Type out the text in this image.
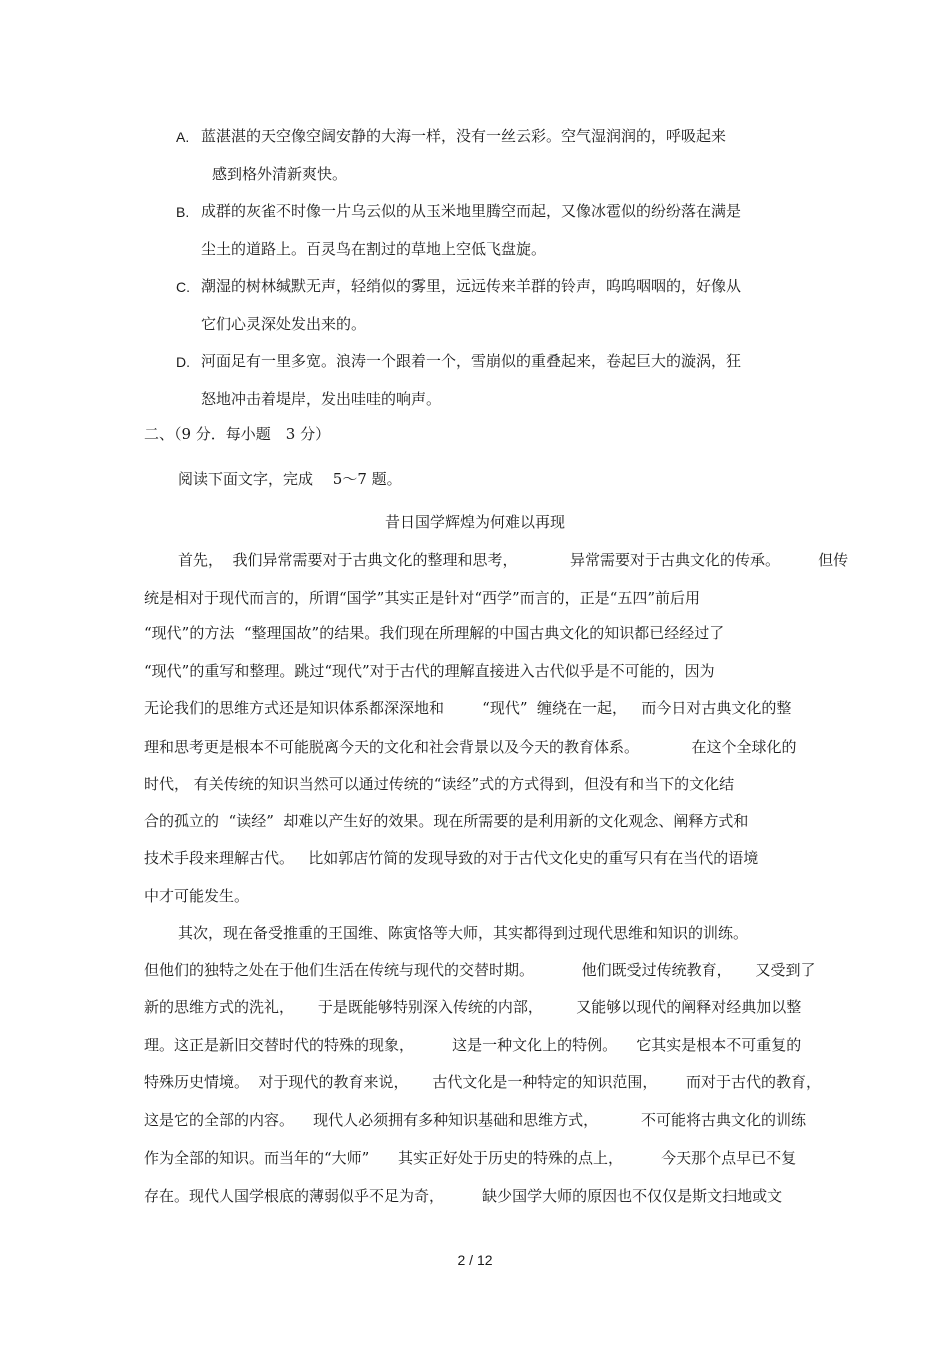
A. 蓝湛湛的天空像空阔安静的大海一样，没有一丝云彩。空气湿润润的，呼吸起来

感到格外清新爽快。

B. 成群的灰雀不时像一片乌云似的从玉米地里腾空而起，又像冰雹似的纷纷落在满是

尘土的道路上。百灵鸟在割过的草地上空低飞盘旋。

C. 潮湿的树林缄默无声，轻绡似的雾里，远远传来羊群的铃声，呜呜咽咽的，好像从

它们心灵深处发出来的。

D. 河面足有一里多宽。浪涛一个跟着一个，雪崩似的重叠起来，卷起巨大的漩涡，狂

怒地冲击着堤岸，发出哇哇的响声。

二、（9 分．每小题　3 分）

阅读下面文字，完成　 5～7 题。

昔日国学辉煌为何难以再现

首先，  我们异常需要对于古典文化的整理和思考，           异常需要对于古典文化的传承。        但传

统是相对于现代而言的，所谓“国学”其实正是针对“西学”而言的，正是“五四”前后用

“现代”的方法  “整理国故”的结果。我们现在所理解的中国古典文化的知识都已经经过了

“现代”的重写和整理。跳过“现代”对于古代的理解直接进入古代似乎是不可能的，因为

无论我们的思维方式还是知识体系都深深地和        “现代”  缠绕在一起，   而今日对古典文化的整

理和思考更是根本不可能脱离今天的文化和社会背景以及今天的教育体系。           在这个全球化的

时代， 有关传统的知识当然可以通过传统的“读经”式的方式得到，但没有和当下的文化结

合的孤立的  “读经”  却难以产生好的效果。现在所需要的是利用新的文化观念、阐释方式和

技术手段来理解古代。   比如郭店竹简的发现导致的对于古代文化史的重写只有在当代的语境

中才可能发生。

其次，现在备受推重的王国维、陈寅恪等大师，其实都得到过现代思维和知识的训练。

但他们的独特之处在于他们生活在传统与现代的交替时期。          他们既受过传统教育，     又受到了

新的思维方式的洗礼，     于是既能够特别深入传统的内部，       又能够以现代的阐释对经典加以整

理。这正是新旧交替时代的特殊的现象，        这是一种文化上的特例。    它其实是根本不可重复的

特殊历史情境。  对于现代的教育来说，     古代文化是一种特定的知识范围，      而对于古代的教育，

这是它的全部的内容。    现代人必须拥有多种知识基础和思维方式，         不可能将古典文化的训练

作为全部的知识。而当年的“大师”      其实正好处于历史的特殊的点上，        今天那个点早已不复

存在。现代人国学根底的薄弱似乎不足为奇，        缺少国学大师的原因也不仅仅是斯文扫地或文

2 / 12
